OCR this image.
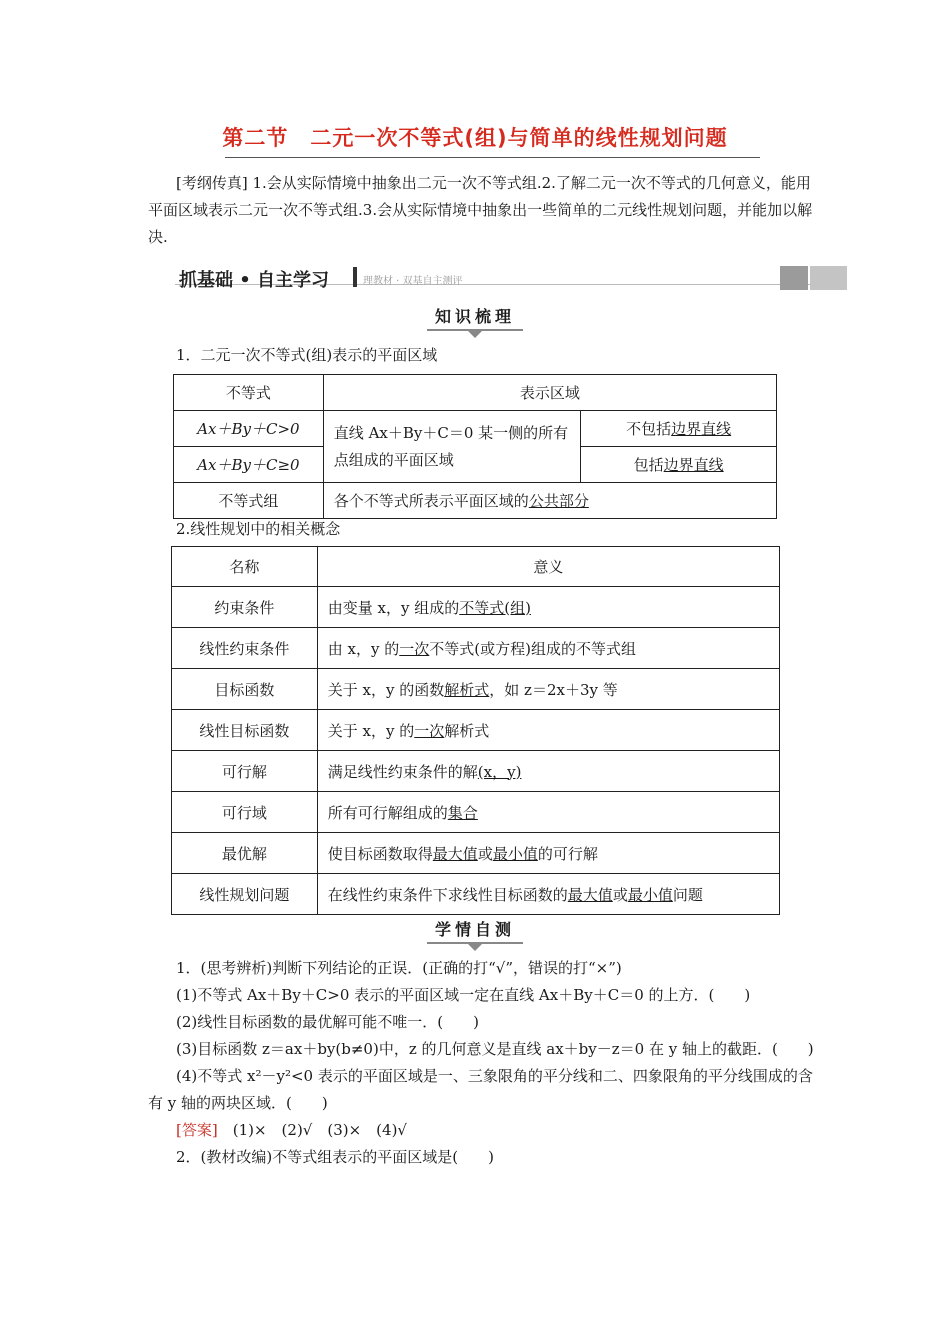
第二节　二元一次不等式(组)与简单的线性规划问题
[考纲传真] 1.会从实际情境中抽象出二元一次不等式组.2.了解二元一次不等式的几何意义，能用平面区域表示二元一次不等式组.3.会从实际情境中抽象出一些简单的二元线性规划问题，并能加以解决.
抓基础 • 自主学习	理教材 · 双基自主测评
知识梳理
1．二元一次不等式(组)表示的平面区域
不等式	表示区域	
Ax＋By＋C>0	直线 Ax＋By＋C＝0 某一侧的所有点组成的平面区域	不包括边界直线
Ax＋By＋C≥0		包括边界直线
不等式组	各个不等式所表示平面区域的公共部分	
2.线性规划中的相关概念
名称	意义
约束条件	由变量 x，y 组成的不等式(组)
线性约束条件	由 x，y 的一次不等式(或方程)组成的不等式组
目标函数	关于 x，y 的函数解析式，如 z＝2x＋3y 等
线性目标函数	关于 x，y 的一次解析式
可行解	满足线性约束条件的解(x，y)
可行域	所有可行解组成的集合
最优解	使目标函数取得最大值或最小值的可行解
线性规划问题	在线性约束条件下求线性目标函数的最大值或最小值问题
学情自测

1．(思考辨析)判断下列结论的正误．(正确的打“√”，错误的打“×”)

(1)不等式 Ax＋By＋C>0 表示的平面区域一定在直线 Ax＋By＋C＝0 的上方．(　　)

(2)线性目标函数的最优解可能不唯一．(　　)

(3)目标函数 z＝ax＋by(b≠0)中，z 的几何意义是直线 ax＋by－z＝0 在 y 轴上的截距．(　　)

(4)不等式 x²－y²<0 表示的平面区域是一、三象限角的平分线和二、四象限角的平分线围成的含有 y 轴的两块区域．(　　)

[答案]　 (1)×　(2)√　(3)×　(4)√

2．(教材改编)不等式组表示的平面区域是(　　)
